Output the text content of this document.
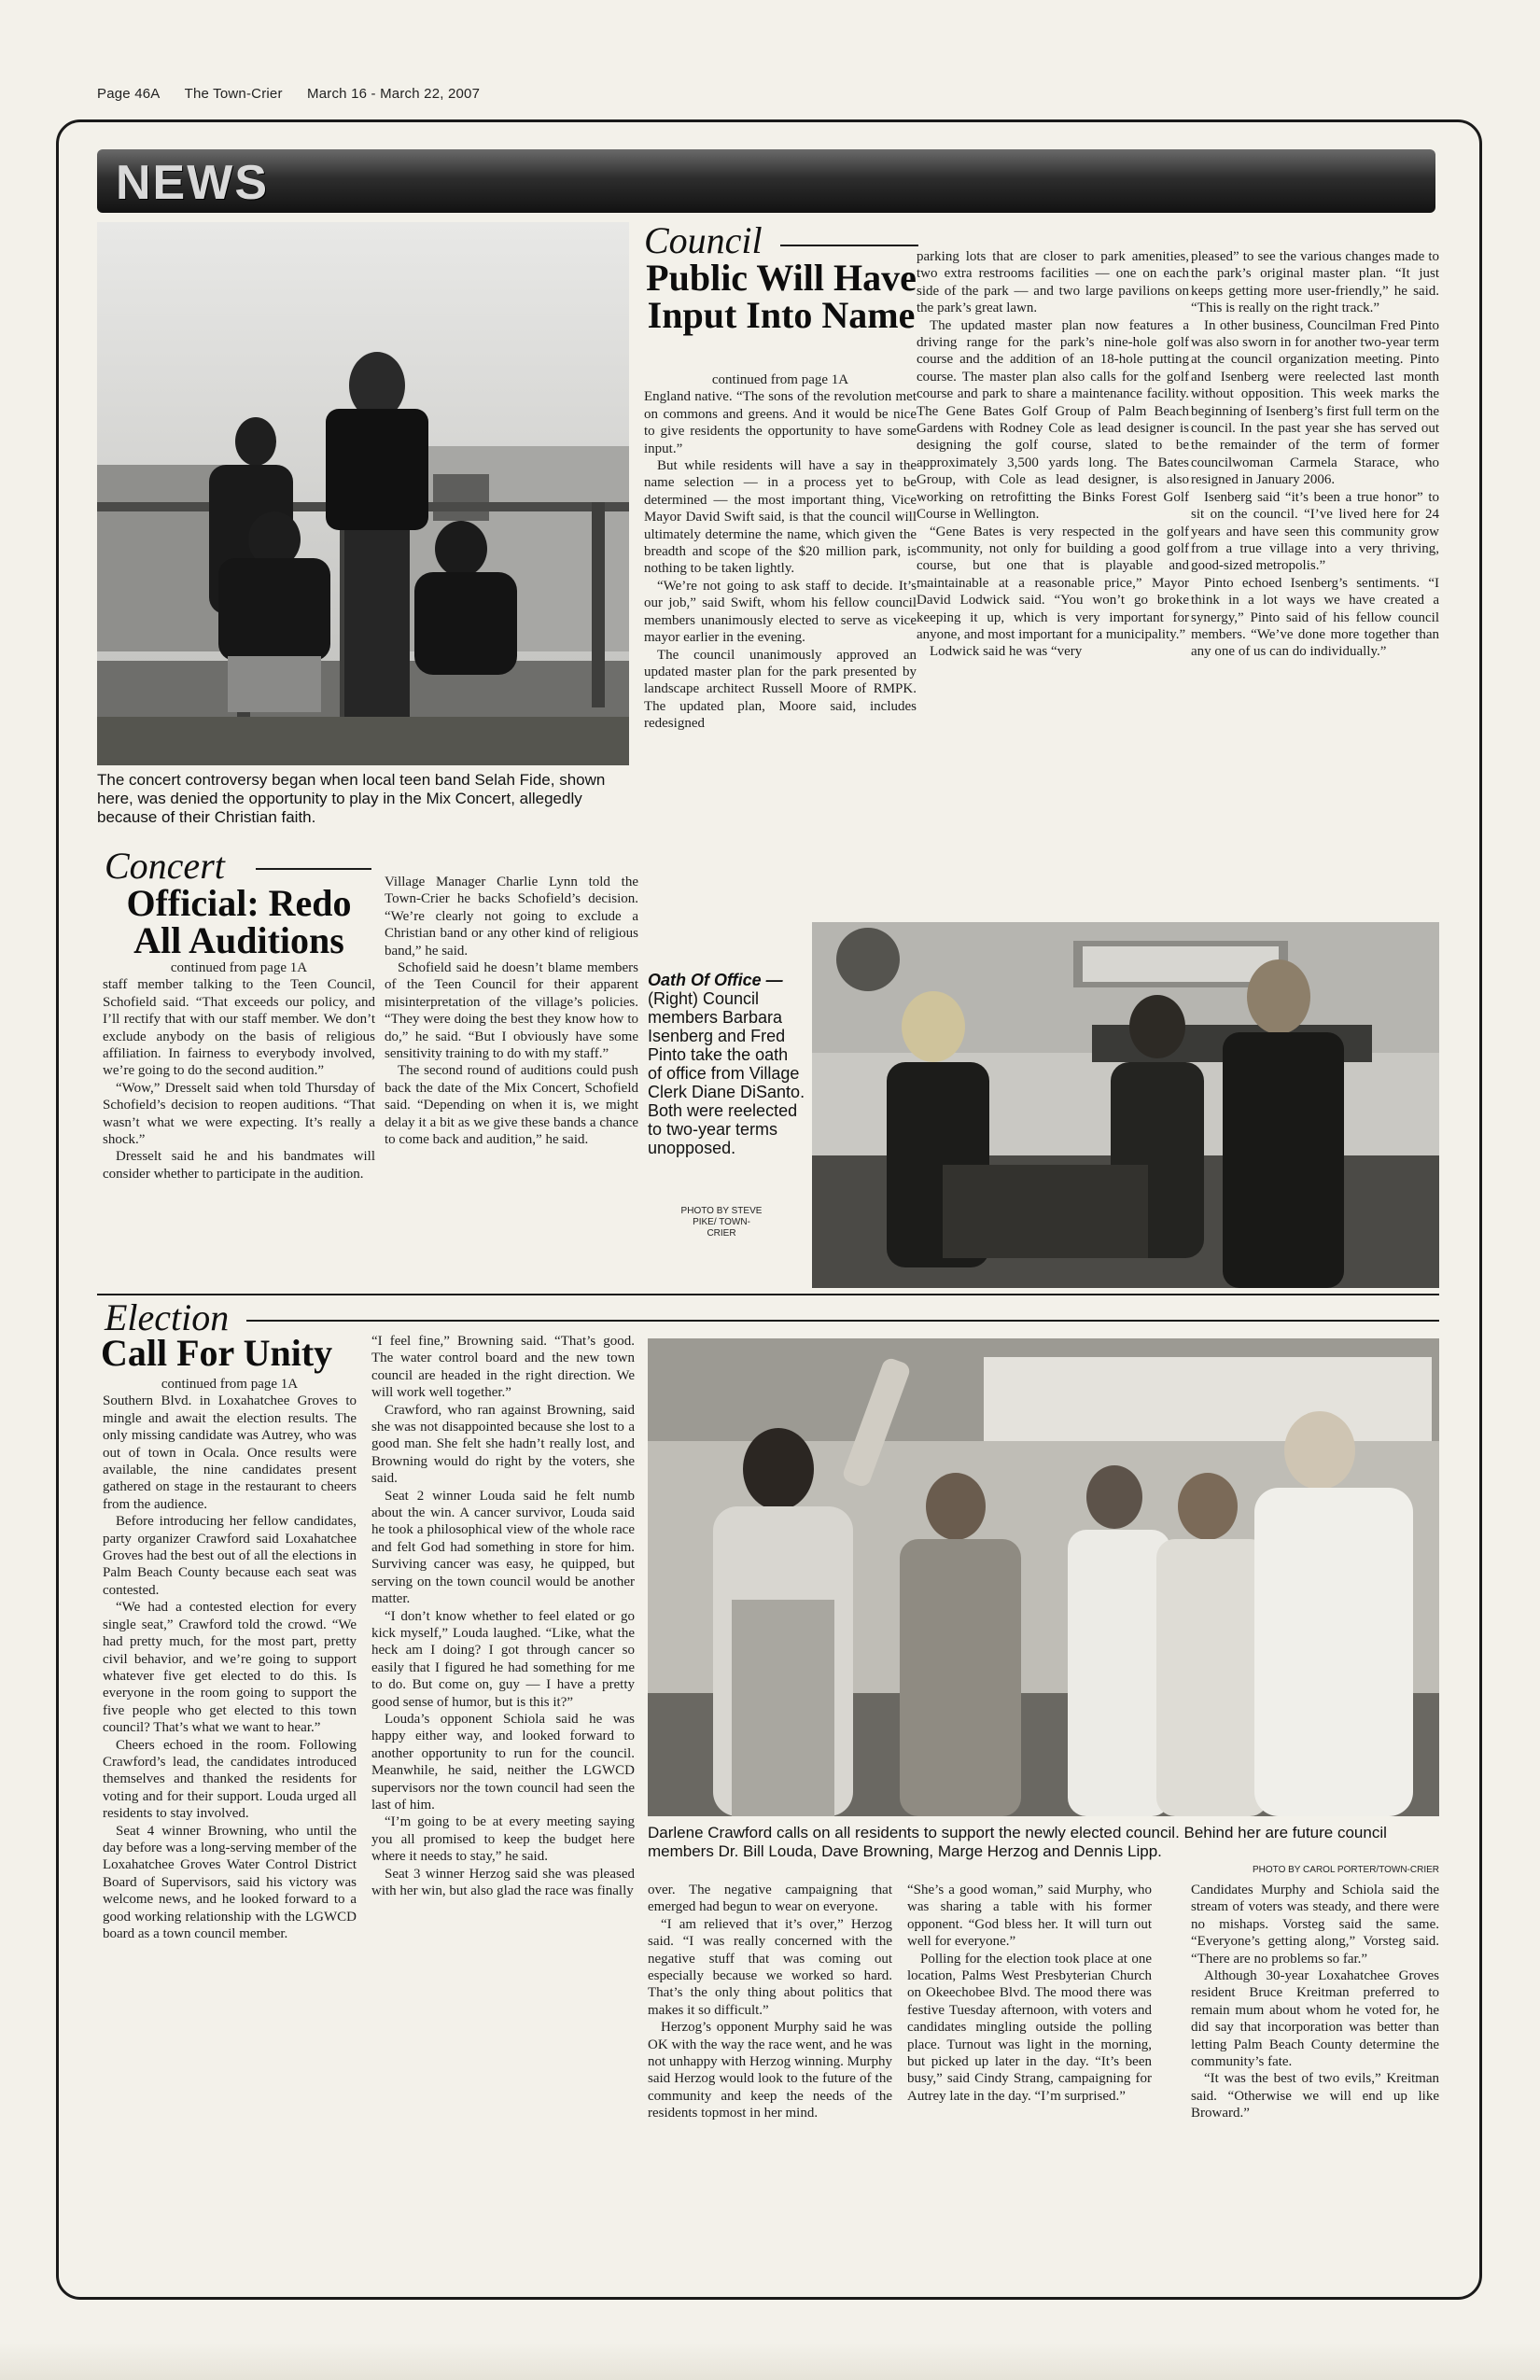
Page 46A The Town-Crier March 16 - March 22, 2007
NEWS
The concert controversy began when local teen band Selah Fide, shown here, was denied the opportunity to play in the Mix Concert, allegedly because of their Christian faith.
Council
Public Will Have Input Into Name
continued from page 1A

England native. “The sons of the revolution met on commons and greens. And it would be nice to give residents the opportunity to have some input.”

But while residents will have a say in the name selection — in a process yet to be determined — the most important thing, Vice Mayor David Swift said, is that the council will ultimately determine the name, which given the breadth and scope of the $20 million park, is nothing to be taken lightly.

“We’re not going to ask staff to decide. It’s our job,” said Swift, whom his fellow council members unanimously elected to serve as vice mayor earlier in the evening.

The council unanimously approved an updated master plan for the park presented by landscape architect Russell Moore of RMPK. The updated plan, Moore said, includes redesigned

parking lots that are closer to park amenities, two extra restrooms facilities — one on each side of the park — and two large pavilions on the park’s great lawn.

The updated master plan now features a driving range for the park’s nine-hole golf course and the addition of an 18-hole putting course. The master plan also calls for the golf course and park to share a maintenance facility. The Gene Bates Golf Group of Palm Beach Gardens with Rodney Cole as lead designer is designing the golf course, slated to be approximately 3,500 yards long. The Bates Group, with Cole as lead designer, is also working on retrofitting the Binks Forest Golf Course in Wellington.

“Gene Bates is very respected in the golf community, not only for building a good golf course, but one that is playable and maintainable at a reasonable price,” Mayor David Lodwick said. “You won’t go broke keeping it up, which is very important for anyone, and most important for a municipality.”

Lodwick said he was “very

pleased” to see the various changes made to the park’s original master plan. “It just keeps getting more user-friendly,” he said. “This is really on the right track.”

In other business, Councilman Fred Pinto was also sworn in for another two-year term at the council organization meeting. Pinto and Isenberg were reelected last month without opposition. This week marks the beginning of Isenberg’s first full term on the council. In the past year she has served out the remainder of the term of former councilwoman Carmela Starace, who resigned in January 2006.

Isenberg said “it’s been a true honor” to sit on the council. “I’ve lived here for 24 years and have seen this community grow from a true village into a very thriving, good-sized metropolis.”

Pinto echoed Isenberg’s sentiments. “I think in a lot ways we have created a synergy,” Pinto said of his fellow council members. “We’ve done more together than any one of us can do individually.”

Concert
Official: Redo All Auditions
continued from page 1A

staff member talking to the Teen Council, Schofield said. “That exceeds our policy, and I’ll rectify that with our staff member. We don’t exclude anybody on the basis of religious affiliation. In fairness to everybody involved, we’re going to do the second audition.”

“Wow,” Dresselt said when told Thursday of Schofield’s decision to reopen auditions. “That wasn’t what we were expecting. It’s really a shock.”

Dresselt said he and his bandmates will consider whether to participate in the audition.

Village Manager Charlie Lynn told the Town-Crier he backs Schofield’s decision. “We’re clearly not going to exclude a Christian band or any other kind of religious band,” he said.

Schofield said he doesn’t blame members of the Teen Council for their apparent misinterpretation of the village’s policies. “They were doing the best they know how to do,” he said. “But I obviously have some sensitivity training to do with my staff.”

The second round of auditions could push back the date of the Mix Concert, Schofield said. “Depending on when it is, we might delay it a bit as we give these bands a chance to come back and audition,” he said.

Oath Of Office — (Right) Council members Barbara Isenberg and Fred Pinto take the oath of office from Village Clerk Diane DiSanto. Both were reelected to two-year terms unopposed.
PHOTO BY STEVE PIKE/ TOWN-CRIER
Election
Call For Unity
continued from page 1A

Southern Blvd. in Loxahatchee Groves to mingle and await the election results. The only missing candidate was Autrey, who was out of town in Ocala. Once results were available, the nine candidates present gathered on stage in the restaurant to cheers from the audience.

Before introducing her fellow candidates, party organizer Crawford said Loxahatchee Groves had the best out of all the elections in Palm Beach County because each seat was contested.

“We had a contested election for every single seat,” Crawford told the crowd. “We had pretty much, for the most part, pretty civil behavior, and we’re going to support whatever five get elected to do this. Is everyone in the room going to support the five people who get elected to this town council? That’s what we want to hear.”

Cheers echoed in the room. Following Crawford’s lead, the candidates introduced themselves and thanked the residents for voting and for their support. Louda urged all residents to stay involved.

Seat 4 winner Browning, who until the day before was a long-serving member of the Loxahatchee Groves Water Control District Board of Supervisors, said his victory was welcome news, and he looked forward to a good working relationship with the LGWCD board as a town council member.

“I feel fine,” Browning said. “That’s good. The water control board and the new town council are headed in the right direction. We will work well together.”

Crawford, who ran against Browning, said she was not disappointed because she lost to a good man. She felt she hadn’t really lost, and Browning would do right by the voters, she said.

Seat 2 winner Louda said he felt numb about the win. A cancer survivor, Louda said he took a philosophical view of the whole race and felt God had something in store for him. Surviving cancer was easy, he quipped, but serving on the town council would be another matter.

“I don’t know whether to feel elated or go kick myself,” Louda laughed. “Like, what the heck am I doing? I got through cancer so easily that I figured he had something for me to do. But come on, guy — I have a pretty good sense of humor, but is this it?”

Louda’s opponent Schiola said he was happy either way, and looked forward to another opportunity to run for the council. Meanwhile, he said, neither the LGWCD supervisors nor the town council had seen the last of him.

“I’m going to be at every meeting saying you all promised to keep the budget here where it needs to stay,” he said.

Seat 3 winner Herzog said she was pleased with her win, but also glad the race was finally

Darlene Crawford calls on all residents to support the newly elected council. Behind her are future council members Dr. Bill Louda, Dave Browning, Marge Herzog and Dennis Lipp.
PHOTO BY CAROL PORTER/TOWN-CRIER

over. The negative campaigning that emerged had begun to wear on everyone.

“I am relieved that it’s over,” Herzog said. “I was really concerned with the negative stuff that was coming out especially because we worked so hard. That’s the only thing about politics that makes it so difficult.”

Herzog’s opponent Murphy said he was OK with the way the race went, and he was not unhappy with Herzog winning. Murphy said Herzog would look to the future of the community and keep the needs of the residents topmost in her mind.

“She’s a good woman,” said Murphy, who was sharing a table with his former opponent. “God bless her. It will turn out well for everyone.”

Polling for the election took place at one location, Palms West Presbyterian Church on Okeechobee Blvd. The mood there was festive Tuesday afternoon, with voters and candidates mingling outside the polling place. Turnout was light in the morning, but picked up later in the day. “It’s been busy,” said Cindy Strang, campaigning for Autrey late in the day. “I’m surprised.”

Candidates Murphy and Schiola said the stream of voters was steady, and there were no mishaps. Vorsteg said the same. “Everyone’s getting along,” Vorsteg said. “There are no problems so far.”

Although 30-year Loxahatchee Groves resident Bruce Kreitman preferred to remain mum about whom he voted for, he did say that incorporation was better than letting Palm Beach County determine the community’s fate.

“It was the best of two evils,” Kreitman said. “Otherwise we will end up like Broward.”
